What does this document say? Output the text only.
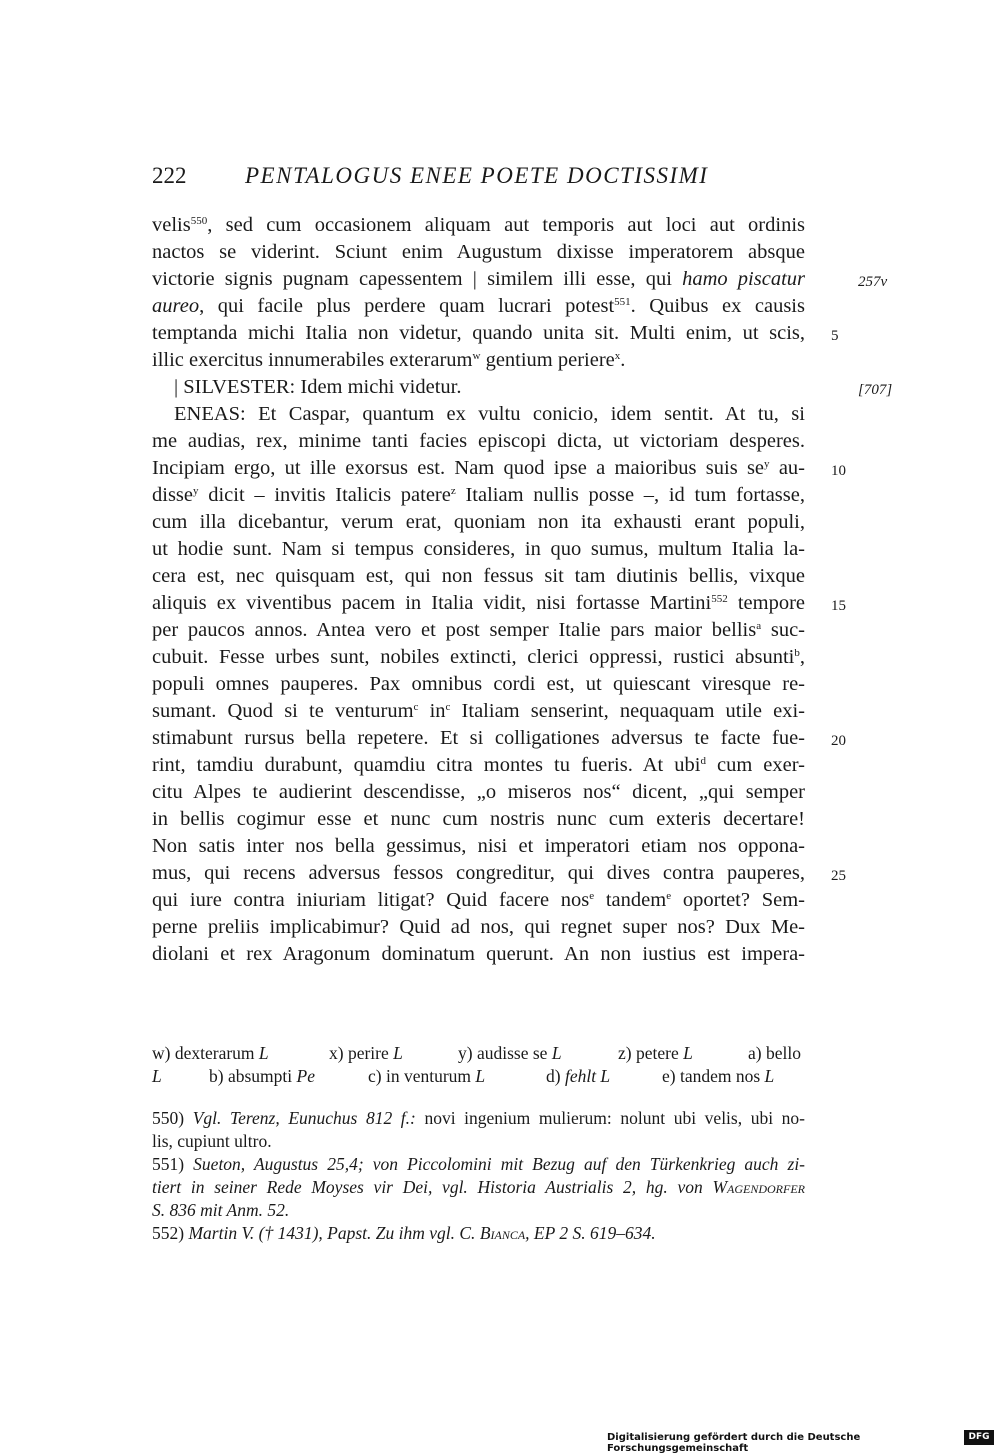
222	PENTALOGUS ENEE POETE DOCTISSIMI
velis$^{550}$, sed cum occasionem aliquam aut temporis aut loci aut ordinis
nactos se viderint. Sciunt enim Augustum dixisse imperatorem absque
victorie signis pugnam capessentem | similem illi esse, qui hamo piscatur
aureo, qui facile plus perdere quam lucrari potest$^{551}$. Quibus ex causis
temptanda michi Italia non videtur, quando unita sit. Multi enim, ut scis,
illic exercitus innumerabiles exterarum$^w$ gentium periere$^x$.
| SILVESTER: Idem michi videtur.
ENEAS: Et Caspar, quantum ex vultu conicio, idem sentit. At tu, si
me audias, rex, minime tanti facies episcopi dicta, ut victoriam desperes.
Incipiam ergo, ut ille exorsus est. Nam quod ipse a maioribus suis $se^y$ au-
disse$^y$ dicit – invitis Italicis patere$^z$ Italiam nullis posse –, id tum fortasse,
cum illa dicebantur, verum erat, quoniam non ita exhausti erant populi,
ut hodie sunt. Nam si tempus consideres, in quo sumus, multum Italia la-
cera est, nec quisquam est, qui non fessus sit tam diutinis bellis, vixque
aliquis ex viventibus pacem in Italia vidit, nisi fortasse Martini$^{552}$ tempore
per paucos annos. Antea vero et post semper Italie pars maior bellis$^a$ suc-
cubuit. Fesse urbes sunt, nobiles extincti, clerici oppressi, rustici absunti$^b$,
populi omnes pauperes. Pax omnibus cordi est, ut quiescant viresque re-
sumant. Quod si te venturum$^c$ $in^c$ Italiam senserint, nequaquam utile exi-
stimabunt rursus bella repetere. Et si colligationes adversus te facte fue-
rint, tamdiu durabunt, quamdiu citra montes tu fueris. At ubi$^d$ cum exer-
citu Alpes te audierint descendisse, „o miseros nos“ dicent, „qui semper
in bellis cogimur esse et nunc cum nostris nunc cum exteris decertare!
Non satis inter nos bella gessimus, nisi et imperatori etiam nos oppona-
mus, qui recens adversus fessos congreditur, qui dives contra pauperes,
qui iure contra iniuriam litigat? Quid facere nos$^e$ tandem$^e$ oportet? Sem-
perne preliis implicabimur? Quid ad nos, qui regnet super nos? Dux Me-
diolani et rex Aragonum dominatum querunt. An non iustius est impera-
257v
[707]
5
10
15
20
25
w) dexterarum L	x) perire L	y) audisse se L	z) petere L	a) bello
L	b) absumpti Pe	c) in venturum L	d) fehlt L	e) tandem nos L
550) Vgl. Terenz, Eunuchus 812 f.: novi ingenium mulierum: nolunt ubi velis, ubi no-
lis, cupiunt ultro.
551) Sueton, Augustus 25,4; von Piccolomini mit Bezug auf den Türkenkrieg auch zi-
tiert in seiner Rede Moyses vir Dei, vgl. Historia Austrialis 2, hg. von Wagendorfer
S. 836 mit Anm. 52.
552) Martin V. († 1431), Papst. Zu ihm vgl. C. Bianca, EP 2 S. 619–634.
Digitalisierung gefördert durch die Deutsche Forschungsgemeinschaft
DFG
